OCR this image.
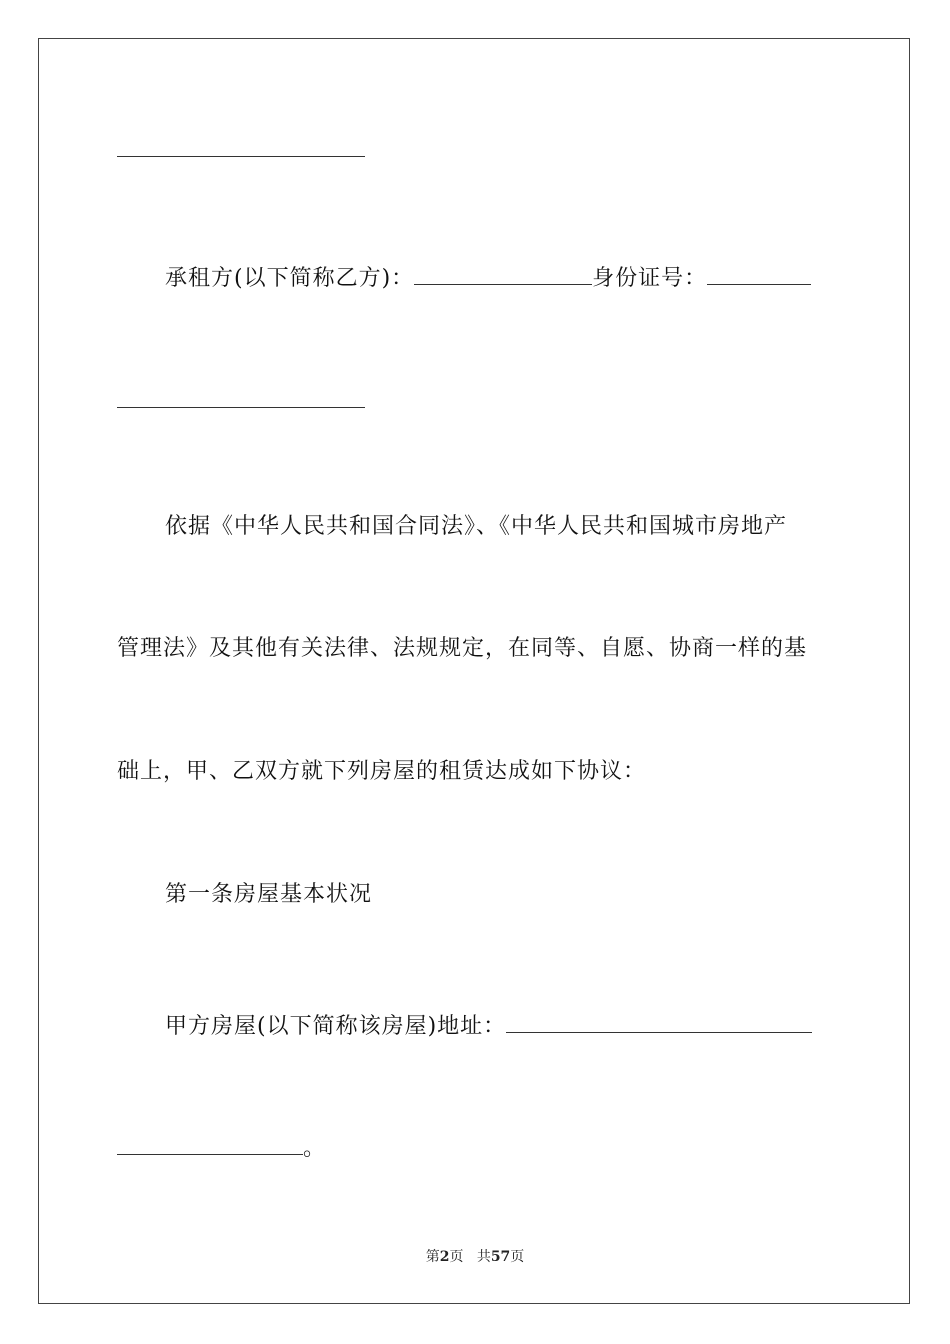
承租方(以下简称乙方)：	身份证号：
依据《中华人民共和国合同法》、《中华人民共和国城市房地产
管理法》及其他有关法律、法规规定，在同等、自愿、协商一样的基
础上，甲、乙双方就下列房屋的租赁达成如下协议：
第一条房屋基本状况
甲方房屋(以下简称该房屋)地址：
。
第2页 共57页
